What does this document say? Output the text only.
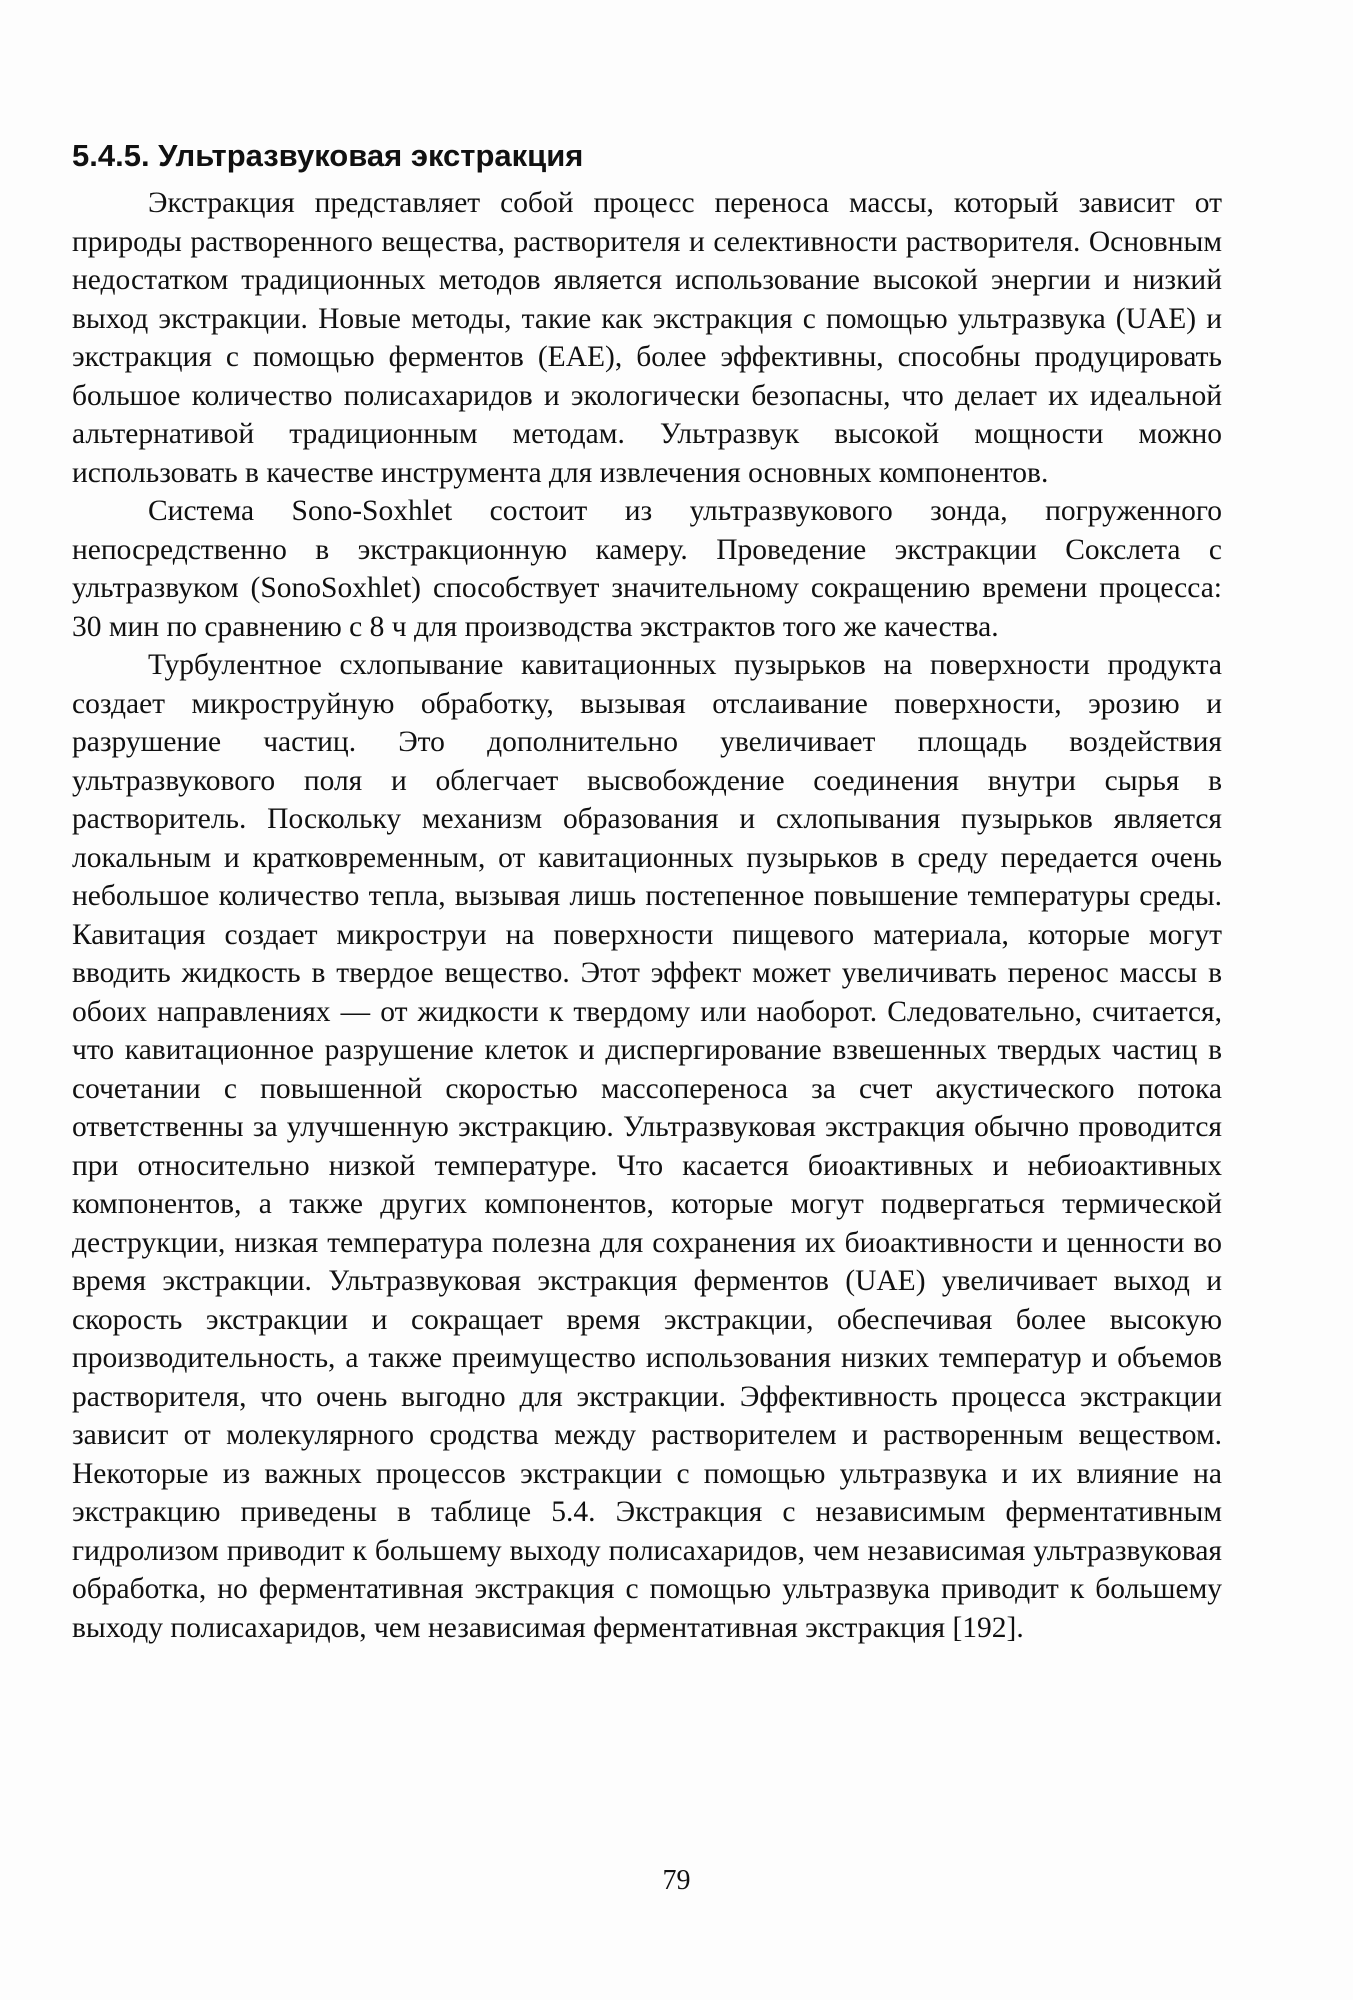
5.4.5. Ультразвуковая экстракция

Экстракция представляет собой процесс переноса массы, который зависит от природы растворенного вещества, растворителя и селективности растворителя. Основным недостатком традиционных методов является использование высокой энергии и низкий выход экстракции. Новые методы, такие как экстракция с помощью ультразвука (UAE) и экстракция с помощью ферментов (EAE), более эффективны, способны продуцировать большое количество полисахаридов и экологически безопасны, что делает их идеальной альтернативой традиционным методам. Ультразвук высокой мощности можно использовать в качестве инструмента для извлечения основных компонентов.

Система Sono-Soxhlet состоит из ультразвукового зонда, погруженного непосредственно в экстракционную камеру. Проведение экстракции Сокслета с ультразвуком (SonoSoxhlet) способствует значительному сокращению времени процесса: 30 мин по сравнению с 8 ч для производства экстрактов того же качества.

Турбулентное схлопывание кавитационных пузырьков на поверхности продукта создает микроструйную обработку, вызывая отслаивание поверхности, эрозию и разрушение частиц. Это дополнительно увеличивает площадь воздействия ультразвукового поля и облегчает высвобождение соединения внутри сырья в растворитель. Поскольку механизм образования и схлопывания пузырьков является локальным и кратковременным, от кавитационных пузырьков в среду передается очень небольшое количество тепла, вызывая лишь постепенное повышение температуры среды. Кавитация создает микроструи на поверхности пищевого материала, которые могут вводить жидкость в твердое вещество. Этот эффект может увеличивать перенос массы в обоих направлениях — от жидкости к твердому или наоборот. Следовательно, считается, что кавитационное разрушение клеток и диспергирование взвешенных твердых частиц в сочетании с повышенной скоростью массопереноса за счет акустического потока ответственны за улучшенную экстракцию. Ультразвуковая экстракция обычно проводится при относительно низкой температуре. Что касается биоактивных и небиоактивных компонентов, а также других компонентов, которые могут подвергаться термической деструкции, низкая температура полезна для сохранения их биоактивности и ценности во время экстракции. Ультразвуковая экстракция ферментов (UAE) увеличивает выход и скорость экстракции и сокращает время экстракции, обеспечивая более высокую производительность, а также преимущество использования низких температур и объемов растворителя, что очень выгодно для экстракции. Эффективность процесса экстракции зависит от молекулярного сродства между растворителем и растворенным веществом. Некоторые из важных процессов экстракции с помощью ультразвука и их влияние на экстракцию приведены в таблице 5.4. Экстракция с независимым ферментативным гидролизом приводит к большему выходу полисахаридов, чем независимая ультразвуковая обработка, но ферментативная экстракция с помощью ультразвука приводит к большему выходу полисахаридов, чем независимая ферментативная экстракция [192].

79
